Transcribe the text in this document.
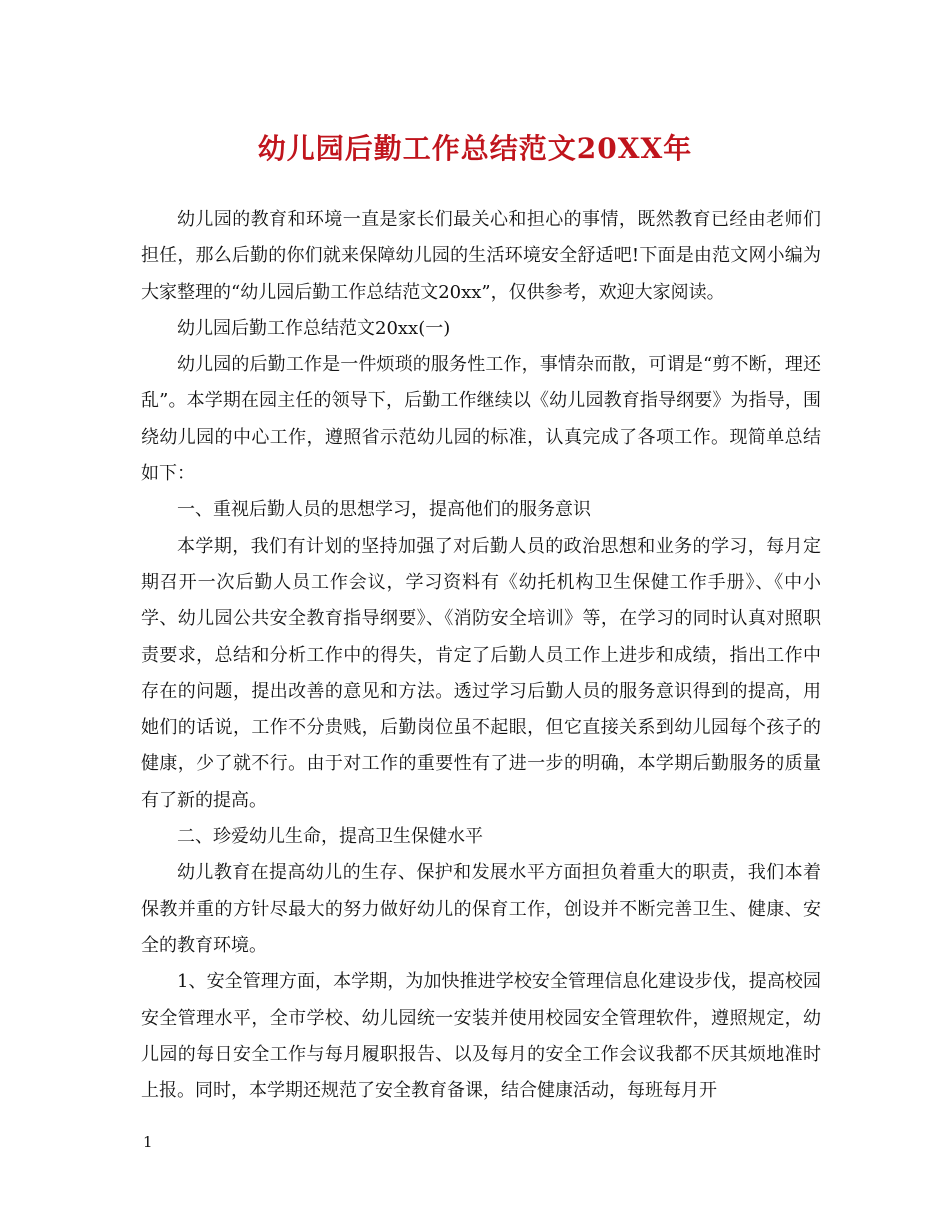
幼儿园后勤工作总结范文20XX年

幼儿园的教育和环境一直是家长们最关心和担心的事情，既然教育已经由老师们担任，那么后勤的你们就来保障幼儿园的生活环境安全舒适吧!下面是由范文网小编为大家整理的“幼儿园后勤工作总结范文20xx”，仅供参考，欢迎大家阅读。

幼儿园后勤工作总结范文20xx(一)

幼儿园的后勤工作是一件烦琐的服务性工作，事情杂而散，可谓是“剪不断，理还乱”。本学期在园主任的领导下，后勤工作继续以《幼儿园教育指导纲要》为指导，围绕幼儿园的中心工作，遵照省示范幼儿园的标准，认真完成了各项工作。现简单总结如下：

一、重视后勤人员的思想学习，提高他们的服务意识

本学期，我们有计划的坚持加强了对后勤人员的政治思想和业务的学习，每月定期召开一次后勤人员工作会议，学习资料有《幼托机构卫生保健工作手册》、《中小学、幼儿园公共安全教育指导纲要》、《消防安全培训》等，在学习的同时认真对照职责要求，总结和分析工作中的得失，肯定了后勤人员工作上进步和成绩，指出工作中存在的问题，提出改善的意见和方法。透过学习后勤人员的服务意识得到的提高，用她们的话说，工作不分贵贱，后勤岗位虽不起眼，但它直接关系到幼儿园每个孩子的健康，少了就不行。由于对工作的重要性有了进一步的明确，本学期后勤服务的质量有了新的提高。

二、珍爱幼儿生命，提高卫生保健水平

幼儿教育在提高幼儿的生存、保护和发展水平方面担负着重大的职责，我们本着保教并重的方针尽最大的努力做好幼儿的保育工作，创设并不断完善卫生、健康、安全的教育环境。

1、安全管理方面，本学期，为加快推进学校安全管理信息化建设步伐，提高校园安全管理水平，全市学校、幼儿园统一安装并使用校园安全管理软件，遵照规定，幼儿园的每日安全工作与每月履职报告、以及每月的安全工作会议我都不厌其烦地准时上报。同时，本学期还规范了安全教育备课，结合健康活动，每班每月开

1
